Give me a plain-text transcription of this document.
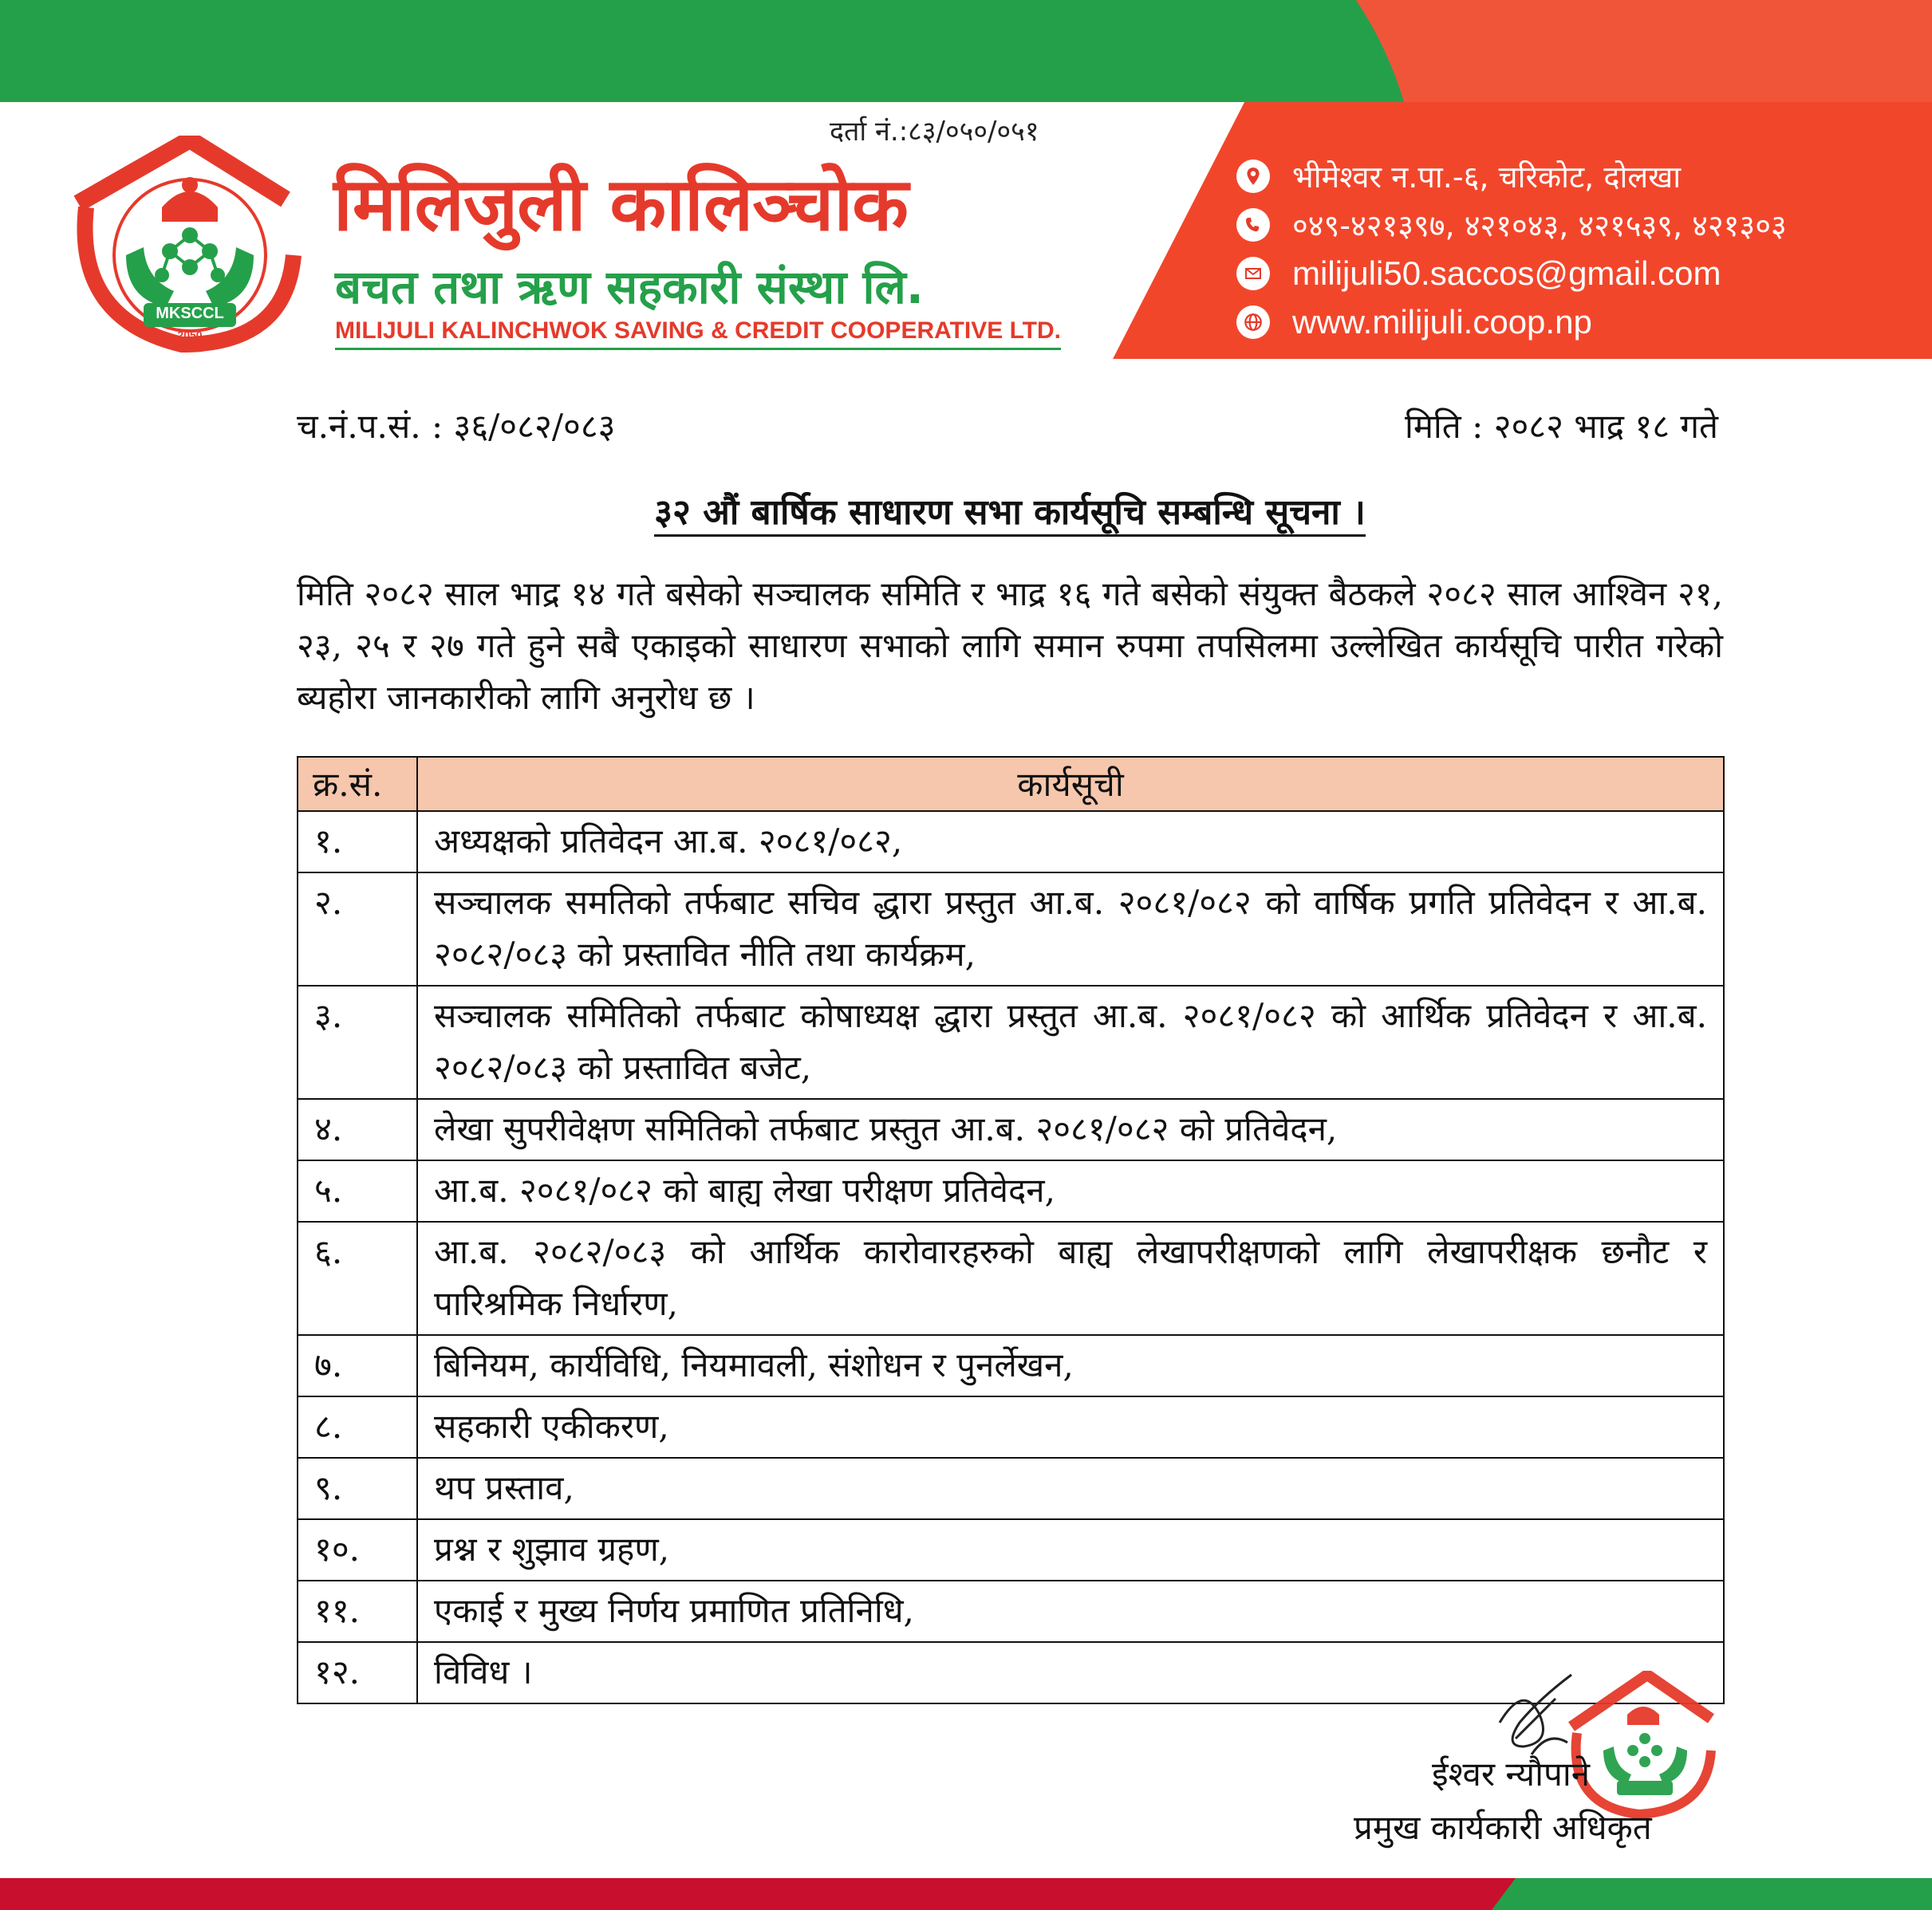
MKSCCL
2050
दर्ता नं.:८३/०५०/०५१
मिलिजुली कालिञ्चोक
बचत तथा ऋण सहकारी संस्था लि.
MILIJULI KALINCHWOK SAVING & CREDIT COOPERATIVE LTD.
भीमेश्वर न.पा.-६, चरिकोट, दोलखा
०४९-४२१३९७, ४२१०४३, ४२१५३९, ४२१३०३
milijuli50.saccos@gmail.com
www.milijuli.coop.np
च.नं.प.सं. : ३६/०८२/०८३	मिति : २०८२ भाद्र १८ गते
३२ औं बार्षिक साधारण सभा कार्यसूचि सम्बन्धि सूचना ।

मिति २०८२ साल भाद्र १४ गते बसेको सञ्चालक समिति र भाद्र १६ गते बसेको संयुक्त बैठकले २०८२ साल आश्विन २१, २३, २५ र २७ गते हुने सबै एकाइको साधारण सभाको लागि समान रुपमा तपसिलमा उल्लेखित कार्यसूचि पारीत गरेको ब्यहोरा जानकारीको लागि अनुरोध छ ।

क्र.सं.	कार्यसूची
१.	अध्यक्षको प्रतिवेदन आ.ब. २०८१/०८२,
२.	सञ्चालक समतिको तर्फबाट सचिव द्धारा प्रस्तुत आ.ब. २०८१/०८२ को वार्षिक प्रगति प्रतिवेदन र आ.ब. २०८२/०८३ को प्रस्तावित नीति तथा कार्यक्रम,
३.	सञ्चालक समितिको तर्फबाट कोषाध्यक्ष द्धारा प्रस्तुत आ.ब. २०८१/०८२ को आर्थिक प्रतिवेदन र आ.ब. २०८२/०८३ को प्रस्तावित बजेट,
४.	लेखा सुपरीवेक्षण समितिको तर्फबाट प्रस्तुत आ.ब. २०८१/०८२ को प्रतिवेदन,
५.	आ.ब. २०८१/०८२ को बाह्य लेखा परीक्षण प्रतिवेदन,
६.	आ.ब. २०८२/०८३ को आर्थिक कारोवारहरुको बाह्य लेखापरीक्षणको लागि लेखापरीक्षक छनौट र पारिश्रमिक निर्धारण,
७.	बिनियम, कार्यविधि, नियमावली, संशोधन र पुनर्लेखन,
८.	सहकारी एकीकरण,
९.	थप प्रस्ताव,
१०.	प्रश्न र शुझाव ग्रहण,
११.	एकाई र मुख्य निर्णय प्रमाणित प्रतिनिधि,
१२.	विविध ।
ईश्वर न्यौपाने
प्रमुख कार्यकारी अधिकृत
